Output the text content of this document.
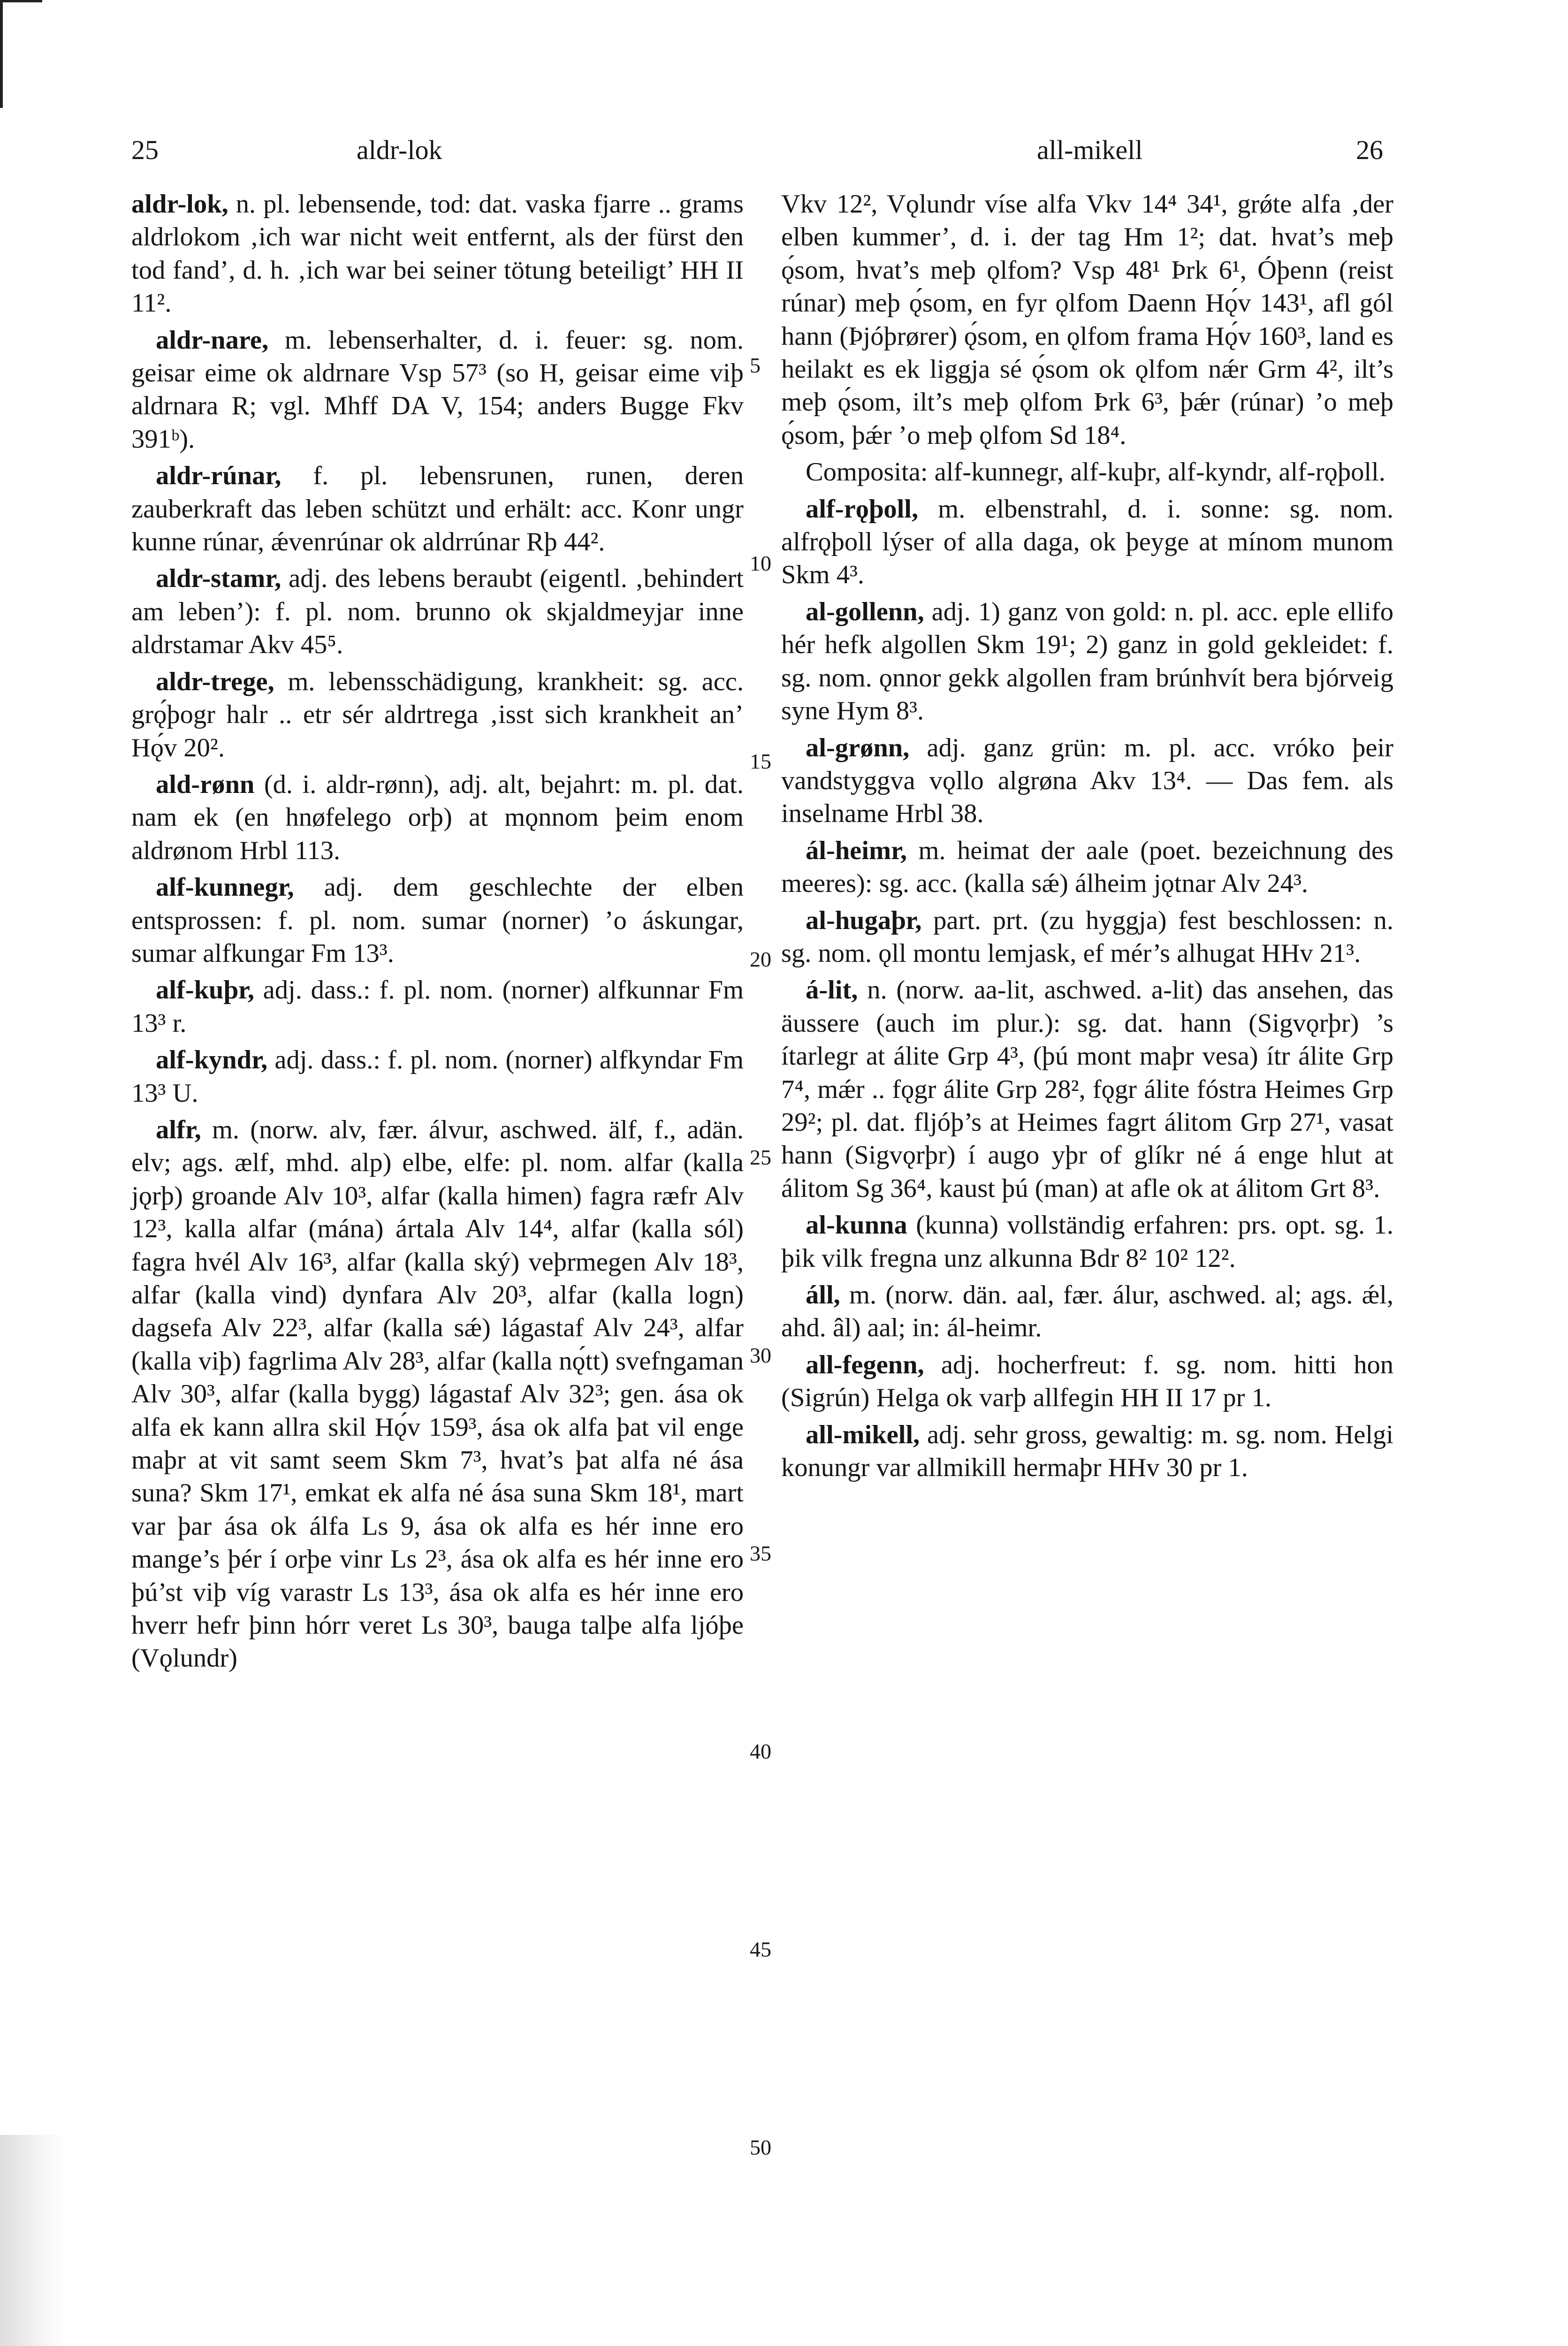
25	aldr-lok	all-mikell	26

aldr-lok, n. pl. lebensende, tod: dat. vaska fjarre .. grams aldrlokom ‚ich war nicht weit entfernt, als der fürst den tod fand’, d. h. ‚ich war bei seiner tötung beteiligt’ HH II 11².

aldr-nare, m. lebenserhalter, d. i. feuer: sg. nom. geisar eime ok aldrnare Vsp 57³ (so H, geisar eime viþ aldrnara R; vgl. Mhff DA V, 154; anders Bugge Fkv 391ᵇ).

aldr-rúnar, f. pl. lebensrunen, runen, deren zauberkraft das leben schützt und erhält: acc. Konr ungr kunne rúnar, ǽvenrúnar ok aldrrúnar Rþ 44².

aldr-stamr, adj. des lebens beraubt (eigentl. ‚behindert am leben’): f. pl. nom. brunno ok skjaldmeyjar inne aldrstamar Akv 45⁵.

aldr-trege, m. lebensschädigung, krankheit: sg. acc. grǫ́þogr halr .. etr sér aldrtrega ‚isst sich krankheit an’ Hǫ́v 20².

ald-rønn (d. i. aldr-rønn), adj. alt, bejahrt: m. pl. dat. nam ek (en hnøfelego orþ) at mǫnnom þeim enom aldrønom Hrbl 113.

alf-kunnegr, adj. dem geschlechte der elben entsprossen: f. pl. nom. sumar (norner) ’o áskungar, sumar alfkungar Fm 13³.

alf-kuþr, adj. dass.: f. pl. nom. (norner) alfkunnar Fm 13³ r.

alf-kyndr, adj. dass.: f. pl. nom. (norner) alfkyndar Fm 13³ U.

alfr, m. (norw. alv, fær. álvur, aschwed. älf, f., adän. elv; ags. ælf, mhd. alp) elbe, elfe: pl. nom. alfar (kalla jǫrþ) groande Alv 10³, alfar (kalla himen) fagra ræfr Alv 12³, kalla alfar (mána) ártala Alv 14⁴, alfar (kalla sól) fagra hvél Alv 16³, alfar (kalla ský) veþrmegen Alv 18³, alfar (kalla vind) dynfara Alv 20³, alfar (kalla logn) dagsefa Alv 22³, alfar (kalla sǽ) lágastaf Alv 24³, alfar (kalla viþ) fagrlima Alv 28³, alfar (kalla nǫ́tt) svefngaman Alv 30³, alfar (kalla bygg) lágastaf Alv 32³; gen. ása ok alfa ek kann allra skil Hǫ́v 159³, ása ok alfa þat vil enge maþr at vit samt seem Skm 7³, hvat’s þat alfa né ása suna? Skm 17¹, emkat ek alfa né ása suna Skm 18¹, mart var þar ása ok álfa Ls 9, ása ok alfa es hér inne ero mange’s þér í orþe vinr Ls 2³, ása ok alfa es hér inne ero þú’st viþ víg varastr Ls 13³, ása ok alfa es hér inne ero hverr hefr þinn hórr veret Ls 30³, bauga talþe alfa ljóþe (Vǫlundr)

5
10
15
20
25
30
35
40
45
50

Vkv 12², Vǫlundr víse alfa Vkv 14⁴ 34¹, grǿte alfa ‚der elben kummer’, d. i. der tag Hm 1²; dat. hvat’s meþ ǫ́som, hvat’s meþ ǫlfom? Vsp 48¹ Þrk 6¹, Óþenn (reist rúnar) meþ ǫ́som, en fyr ǫlfom Daenn Hǫ́v 143¹, afl gól hann (Þjóþrører) ǫ́som, en ǫlfom frama Hǫ́v 160³, land es heilakt es ek liggja sé ǫ́som ok ǫlfom nǽr Grm 4², ilt’s meþ ǫ́som, ilt’s meþ ǫlfom Þrk 6³, þǽr (rúnar) ’o meþ ǫ́som, þǽr ’o meþ ǫlfom Sd 18⁴.

Composita: alf-kunnegr, alf-kuþr, alf-kyndr, alf-rǫþoll.

alf-rǫþoll, m. elbenstrahl, d. i. sonne: sg. nom. alfrǫþoll lýser of alla daga, ok þeyge at mínom munom Skm 4³.

al-gollenn, adj. 1) ganz von gold: n. pl. acc. eple ellifo hér hefk algollen Skm 19¹; 2) ganz in gold gekleidet: f. sg. nom. ǫnnor gekk algollen fram brúnhvít bera bjórveig syne Hym 8³.

al-grønn, adj. ganz grün: m. pl. acc. vróko þeir vandstyggva vǫllo algrøna Akv 13⁴. — Das fem. als inselname Hrbl 38.

ál-heimr, m. heimat der aale (poet. bezeichnung des meeres): sg. acc. (kalla sǽ) álheim jǫtnar Alv 24³.

al-hugaþr, part. prt. (zu hyggja) fest beschlossen: n. sg. nom. ǫll montu lemjask, ef mér’s alhugat HHv 21³.

á-lit, n. (norw. aa-lit, aschwed. a-lit) das ansehen, das äussere (auch im plur.): sg. dat. hann (Sigvǫrþr) ’s ítarlegr at álite Grp 4³, (þú mont maþr vesa) ítr álite Grp 7⁴, mǽr .. fǫgr álite Grp 28², fǫgr álite fóstra Heimes Grp 29²; pl. dat. fljóþ’s at Heimes fagrt álitom Grp 27¹, vasat hann (Sigvǫrþr) í augo yþr of glíkr né á enge hlut at álitom Sg 36⁴, kaust þú (man) at afle ok at álitom Grt 8³.

al-kunna (kunna) vollständig erfahren: prs. opt. sg. 1. þik vilk fregna unz alkunna Bdr 8² 10² 12².

áll, m. (norw. dän. aal, fær. álur, aschwed. al; ags. ǽl, ahd. âl) aal; in: ál-heimr.

all-fegenn, adj. hocherfreut: f. sg. nom. hitti hon (Sigrún) Helga ok varþ allfegin HH II 17 pr 1.

all-mikell, adj. sehr gross, gewaltig: m. sg. nom. Helgi konungr var allmikill hermaþr HHv 30 pr 1.
